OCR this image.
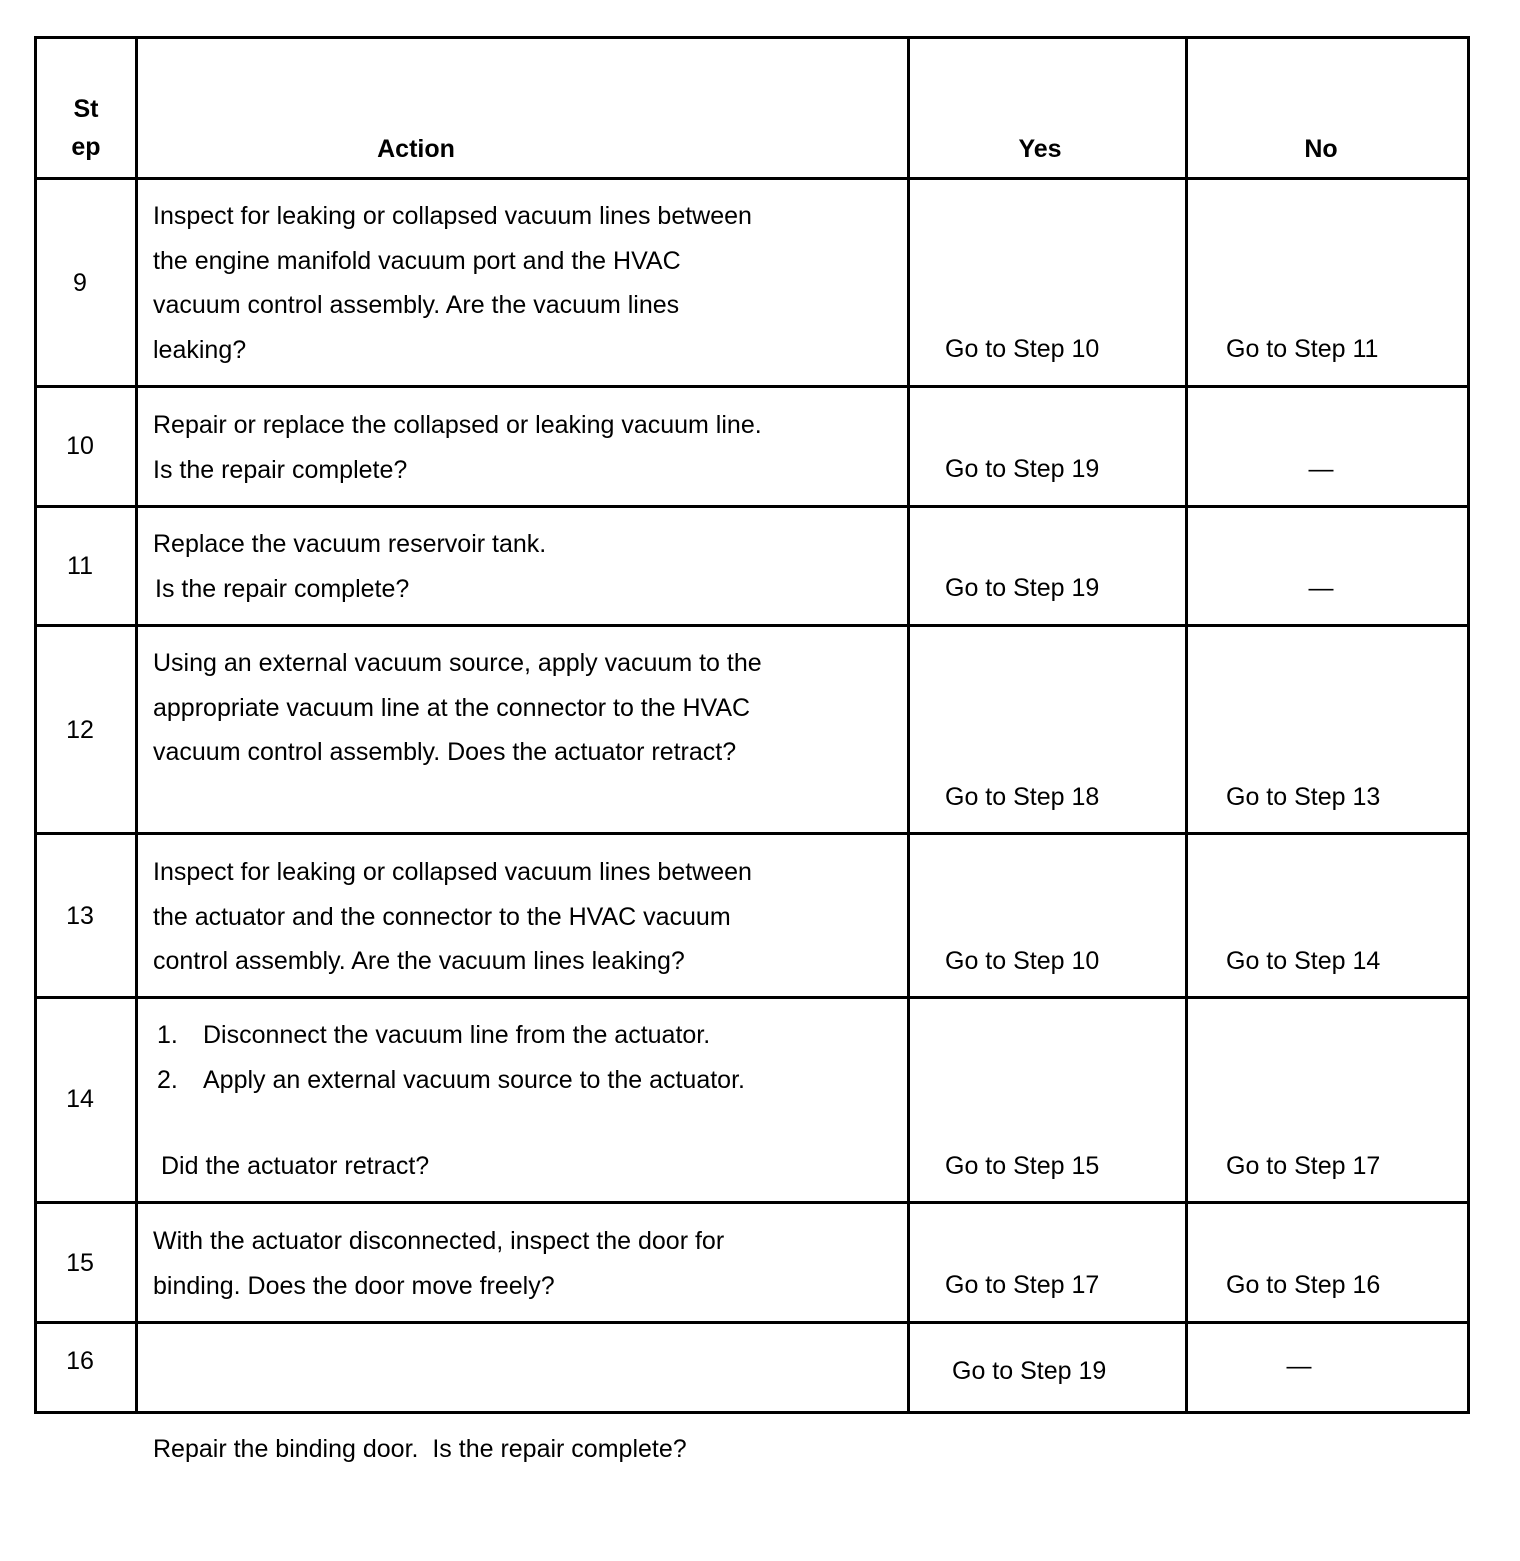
St
ep	Action	Yes	No
9
Inspect for leaking or collapsed vacuum lines between
the engine manifold vacuum port and the HVAC
vacuum control assembly. Are the vacuum lines
leaking?	Go to Step 10	Go to Step 11
10
Repair or replace the collapsed or leaking vacuum line.
Is the repair complete?	Go to Step 19	—
11
Replace the vacuum reservoir tank.
Is the repair complete?	Go to Step 19	—
12
Using an external vacuum source, apply vacuum to the
appropriate vacuum line at the connector to the HVAC
vacuum control assembly. Does the actuator retract?
Go to Step 18	Go to Step 13
13
Inspect for leaking or collapsed vacuum lines between
the actuator and the connector to the HVAC vacuum
control assembly. Are the vacuum lines leaking?	Go to Step 10	Go to Step 14
14
1. Disconnect the vacuum line from the actuator.
2. Apply an external vacuum source to the actuator.
Did the actuator retract?	Go to Step 15	Go to Step 17
15
With the actuator disconnected, inspect the door for
binding. Does the door move freely?	Go to Step 17	Go to Step 16
16

Repair the binding door.  Is the repair complete?

Go to Step 19	—
